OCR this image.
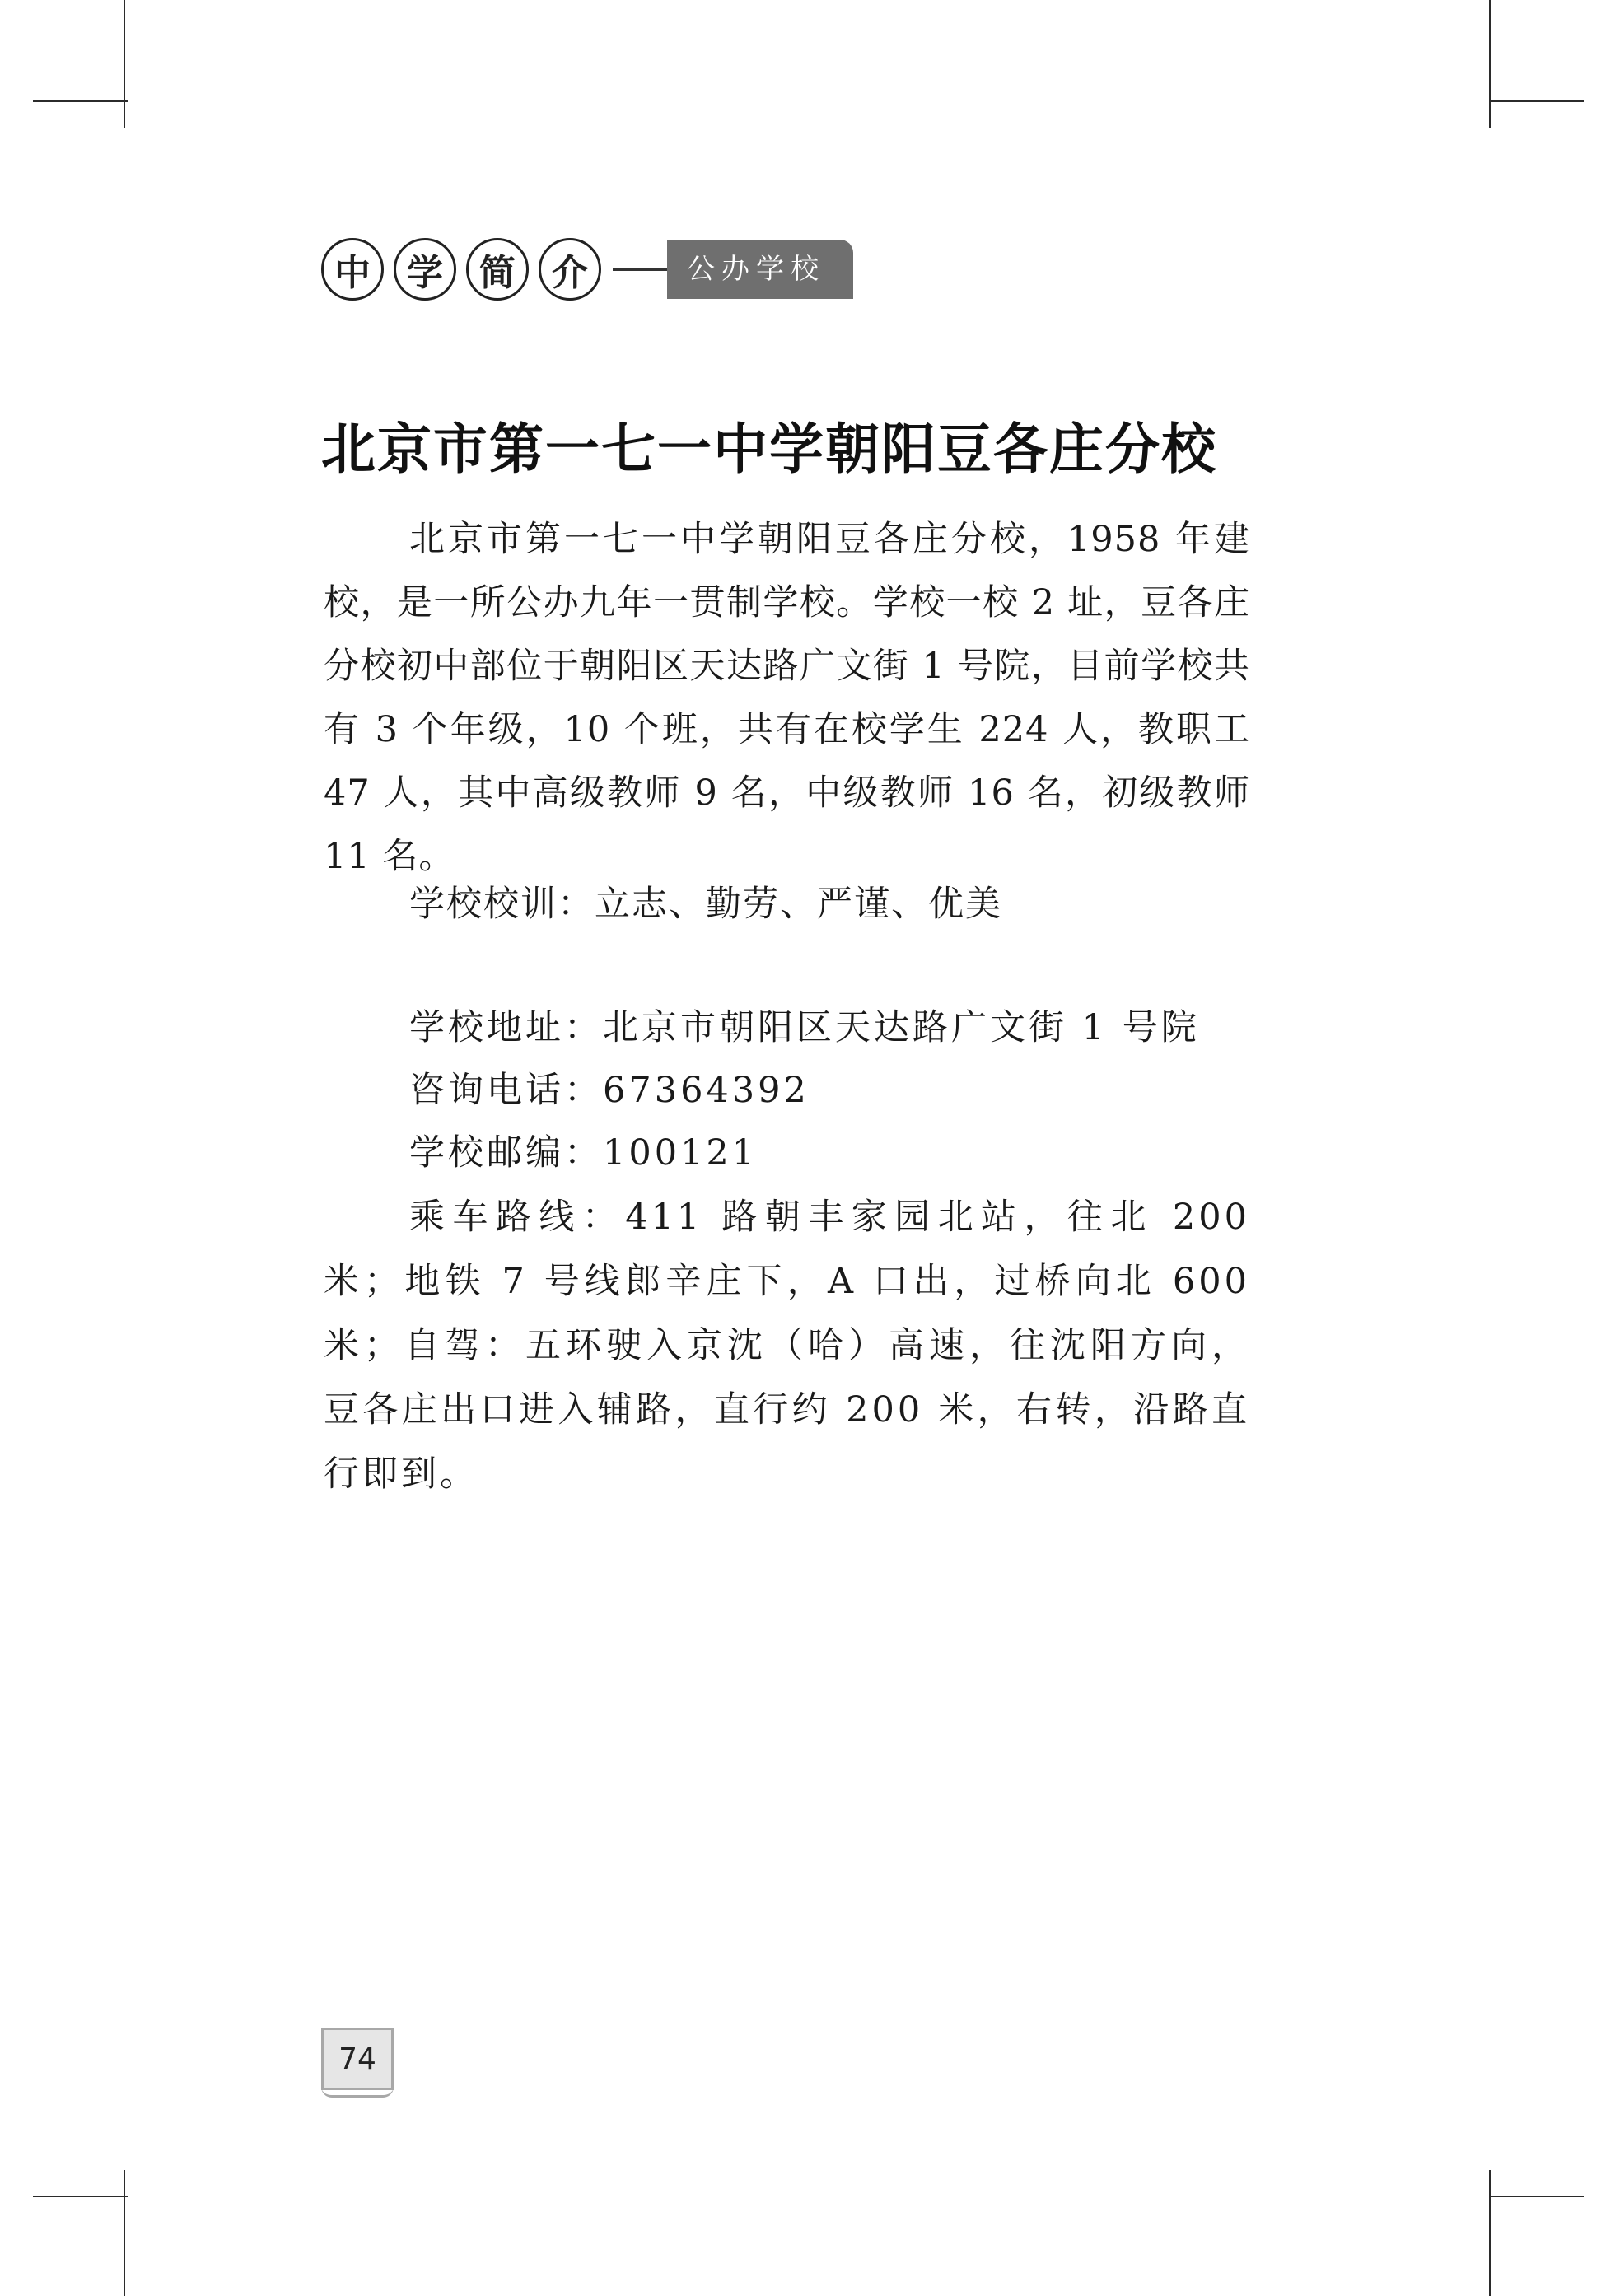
中	学	简	介	公办学校
北京市第一七一中学朝阳豆各庄分校

北京市第一七一中学朝阳豆各庄分校，1958 年建校，是一所公办九年一贯制学校。学校一校 2 址，豆各庄分校初中部位于朝阳区天达路广文街 1 号院，目前学校共有 3 个年级，10 个班，共有在校学生 224 人，教职工 47 人，其中高级教师 9 名，中级教师 16 名，初级教师 11 名。

学校校训：立志、勤劳、严谨、优美

学校地址：北京市朝阳区天达路广文街 1 号院

咨询电话：67364392

学校邮编：100121

乘车路线：411 路朝丰家园北站，往北 200 米；地铁 7 号线郎辛庄下，A 口出，过桥向北 600 米；自驾：五环驶入京沈（哈）高速，往沈阳方向，豆各庄出口进入辅路，直行约 200 米，右转，沿路直行即到。

74
